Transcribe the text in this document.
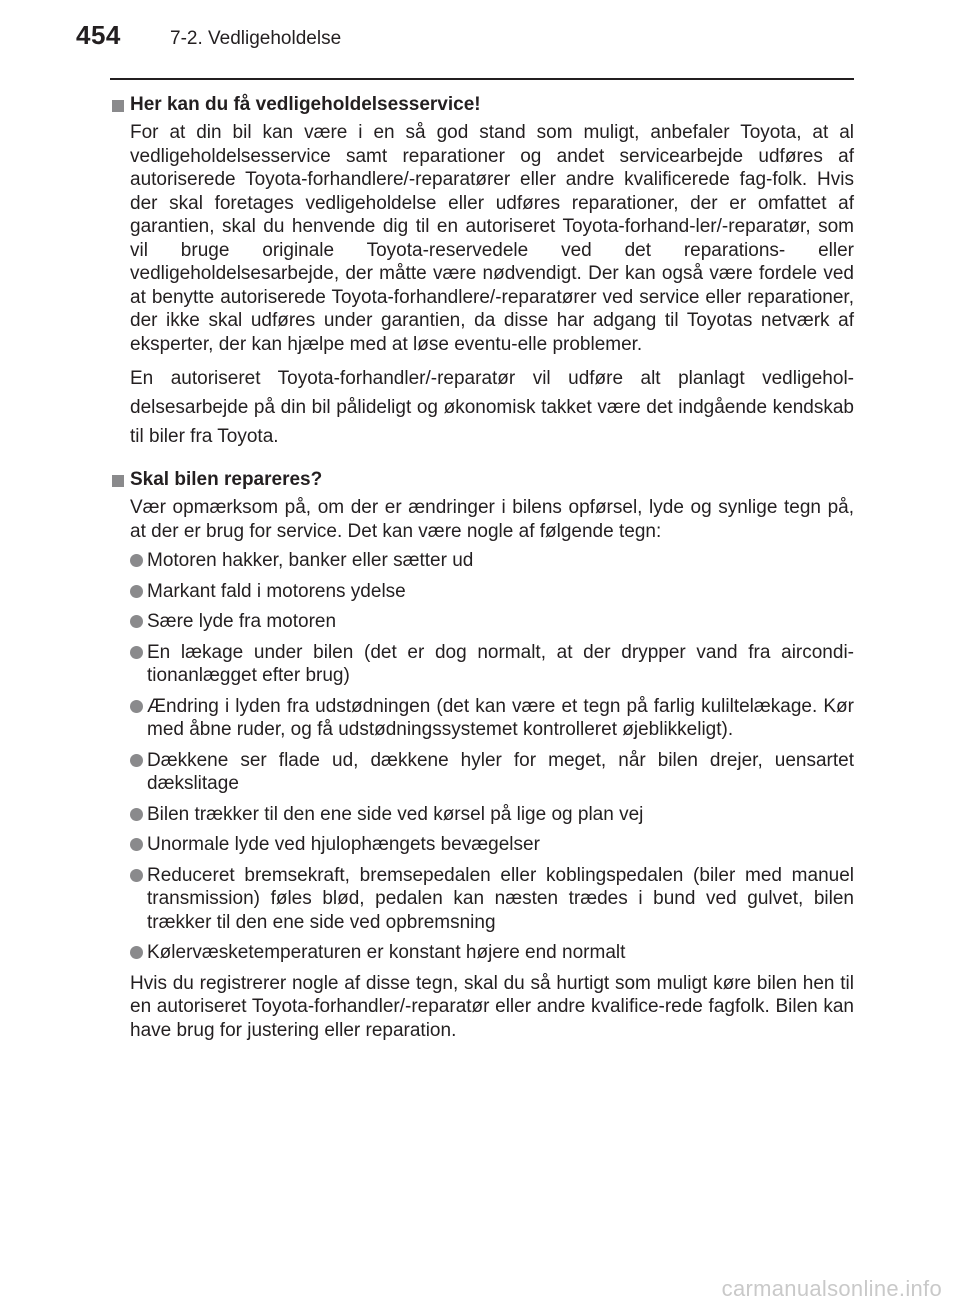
454	7-2. Vedligeholdelse
Her kan du få vedligeholdelsesservice!

For at din bil kan være i en så god stand som muligt, anbefaler Toyota, at al vedligeholdelsesservice samt reparationer og andet servicearbejde udføres af autoriserede Toyota-forhandlere/-reparatører eller andre kvalificerede fag-folk. Hvis der skal foretages vedligeholdelse eller udføres reparationer, der er omfattet af garantien, skal du henvende dig til en autoriseret Toyota-forhand-ler/-reparatør, som vil bruge originale Toyota-reservedele ved det reparations- eller vedligeholdelsesarbejde, der måtte være nødvendigt. Der kan også være fordele ved at benytte autoriserede Toyota-forhandlere/-reparatører ved service eller reparationer, der ikke skal udføres under garantien, da disse har adgang til Toyotas netværk af eksperter, der kan hjælpe med at løse eventu-elle problemer.

En autoriseret Toyota-forhandler/-reparatør vil udføre alt planlagt vedligehol-delsesarbejde på din bil pålideligt og økonomisk takket være det indgående kendskab til biler fra Toyota.

Skal bilen repareres?

Vær opmærksom på, om der er ændringer i bilens opførsel, lyde og synlige tegn på, at der er brug for service. Det kan være nogle af følgende tegn:

Motoren hakker, banker eller sætter ud
Markant fald i motorens ydelse
Sære lyde fra motoren
En lækage under bilen (det er dog normalt, at der drypper vand fra aircondi-tionanlægget efter brug)
Ændring i lyden fra udstødningen (det kan være et tegn på farlig kuliltelækage. Kør med åbne ruder, og få udstødningssystemet kontrolleret øjeblikkeligt).
Dækkene ser flade ud, dækkene hyler for meget, når bilen drejer, uensartet dækslitage
Bilen trækker til den ene side ved kørsel på lige og plan vej
Unormale lyde ved hjulophængets bevægelser
Reduceret bremsekraft, bremsepedalen eller koblingspedalen (biler med manuel transmission) føles blød, pedalen kan næsten trædes i bund ved gulvet, bilen trækker til den ene side ved opbremsning
Kølervæsketemperaturen er konstant højere end normalt

Hvis du registrerer nogle af disse tegn, skal du så hurtigt som muligt køre bilen hen til en autoriseret Toyota-forhandler/-reparatør eller andre kvalifice-rede fagfolk. Bilen kan have brug for justering eller reparation.

carmanualsonline.info
